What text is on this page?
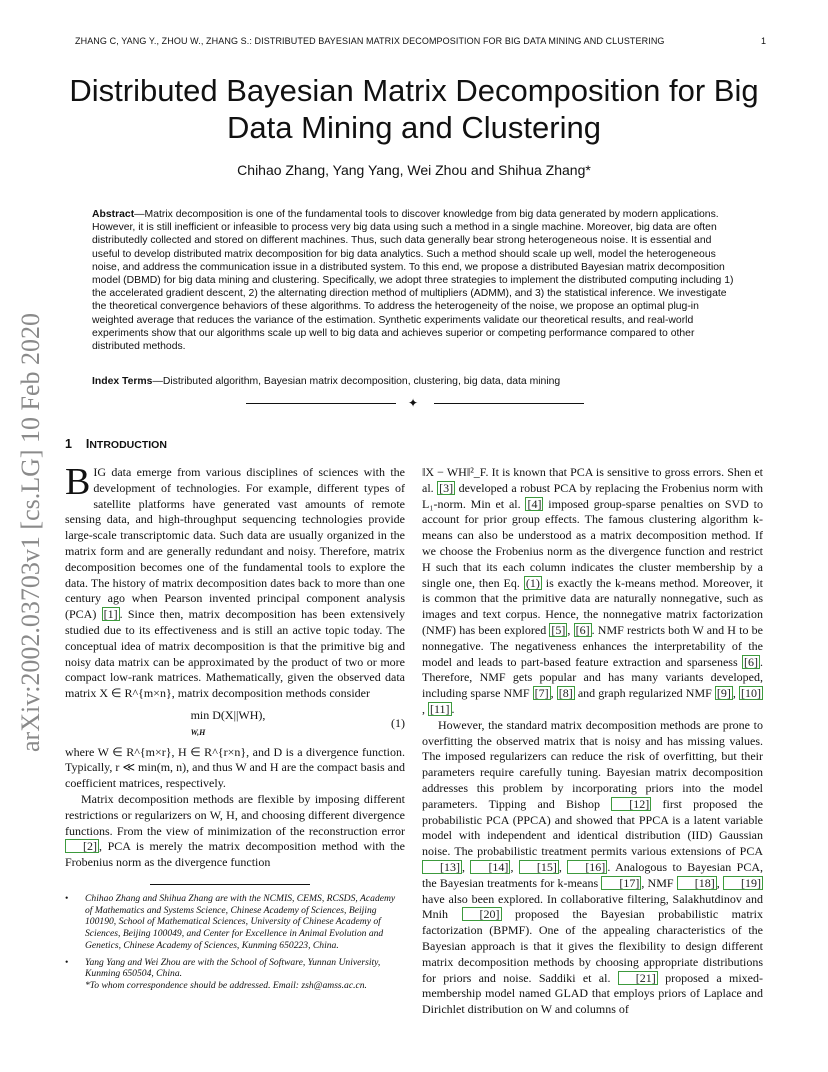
ZHANG C, YANG Y., ZHOU W., ZHANG S.: DISTRIBUTED BAYESIAN MATRIX DECOMPOSITION FOR BIG DATA MINING AND CLUSTERING	1
Distributed Bayesian Matrix Decomposition for Big Data Mining and Clustering
Chihao Zhang, Yang Yang, Wei Zhou and Shihua Zhang*

Abstract—Matrix decomposition is one of the fundamental tools to discover knowledge from big data generated by modern applications. However, it is still inefficient or infeasible to process very big data using such a method in a single machine. Moreover, big data are often distributedly collected and stored on different machines. Thus, such data generally bear strong heterogeneous noise. It is essential and useful to develop distributed matrix decomposition for big data analytics. Such a method should scale up well, model the heterogeneous noise, and address the communication issue in a distributed system. To this end, we propose a distributed Bayesian matrix decomposition model (DBMD) for big data mining and clustering. Specifically, we adopt three strategies to implement the distributed computing including 1) the accelerated gradient descent, 2) the alternating direction method of multipliers (ADMM), and 3) the statistical inference. We investigate the theoretical convergence behaviors of these algorithms. To address the heterogeneity of the noise, we propose an optimal plug-in weighted average that reduces the variance of the estimation. Synthetic experiments validate our theoretical results, and real-world experiments show that our algorithms scale up well to big data and achieves superior or competing performance compared to other distributed methods.

Index Terms—Distributed algorithm, Bayesian matrix decomposition, clustering, big data, data mining
✦
arXiv:2002.03703v1 [cs.LG] 10 Feb 2020 1 INTRODUCTION

BIG data emerge from various disciplines of sciences with the development of technologies. For example, different types of satellite platforms have generated vast amounts of remote sensing data, and high-throughput sequencing technologies provide large-scale transcriptomic data. Such data are usually organized in the matrix form and are generally redundant and noisy. Therefore, matrix decomposition becomes one of the fundamental tools to explore the data. The history of matrix decomposition dates back to more than one century ago when Pearson invented principal component analysis (PCA) [1] . Since then, matrix decomposition has been extensively studied due to its effectiveness and is still an active topic today. The conceptual idea of matrix decomposition is that the primitive big and noisy data matrix can be approximated by the product of two or more compact low-rank matrices. Mathematically, given the observed data matrix X ∈ R^{m×n}, matrix decomposition methods consider

min D(X||WH),
W,H
(1)

where W ∈ R^{m×r}, H ∈ R^{r×n}, and D is a divergence function. Typically, r ≪ min(m, n), and thus W and H are the compact basis and coefficient matrices, respectively.

Matrix decomposition methods are flexible by imposing different restrictions or regularizers on W, H, and choosing different divergence functions. From the view of minimization of the reconstruction error [2] , PCA is merely the matrix decomposition method with the Frobenius norm as the divergence function

•	Chihao Zhang and Shihua Zhang are with the NCMIS, CEMS, RCSDS, Academy of Mathematics and Systems Science, Chinese Academy of Sciences, Beijing 100190, School of Mathematical Sciences, University of Chinese Academy of Sciences, Beijing 100049, and Center for Excellence in Animal Evolution and Genetics, Chinese Academy of Sciences, Kunming 650223, China.
•	Yang Yang and Wei Zhou are with the School of Software, Yunnan University, Kunming 650504, China.
*To whom correspondence should be addressed. Email: zsh@amss.ac.cn.

‖X − WH‖²_F. It is known that PCA is sensitive to gross errors. Shen et al. [3] developed a robust PCA by replacing the Frobenius norm with L₁-norm. Min et al. [4] imposed group-sparse penalties on SVD to account for prior group effects. The famous clustering algorithm k-means can also be understood as a matrix decomposition method. If we choose the Frobenius norm as the divergence function and restrict H such that its each column indicates the cluster membership by a single one, then Eq. (1) is exactly the k-means method. Moreover, it is common that the primitive data are naturally nonnegative, such as images and text corpus. Hence, the nonnegative matrix factorization (NMF) has been explored [5] , [6] . NMF restricts both W and H to be nonnegative. The negativeness enhances the interpretability of the model and leads to part-based feature extraction and sparseness [6] . Therefore, NMF gets popular and has many variants developed, including sparse NMF [7] , [8] and graph regularized NMF [9] , [10], [11] .

However, the standard matrix decomposition methods are prone to overfitting the observed matrix that is noisy and has missing values. The imposed regularizers can reduce the risk of overfitting, but their parameters require carefully tuning. Bayesian matrix decomposition addresses this problem by incorporating priors into the model parameters. Tipping and Bishop [12] first proposed the probabilistic PCA (PPCA) and showed that PPCA is a latent variable model with independent and identical distribution (IID) Gaussian noise. The probabilistic treatment permits various extensions of PCA [13] , [14] , [15] , [16] . Analogous to Bayesian PCA, the Bayesian treatments for k-means [17] , NMF [18] , [19] have also been explored. In collaborative filtering, Salakhutdinov and Mnih [20] proposed the Bayesian probabilistic matrix factorization (BPMF). One of the appealing characteristics of the Bayesian approach is that it gives the flexibility to design different matrix decomposition methods by choosing appropriate distributions for priors and noise. Saddiki et al. [21] proposed a mixed-membership model named GLAD that employs priors of Laplace and Dirichlet distribution on W and columns of
